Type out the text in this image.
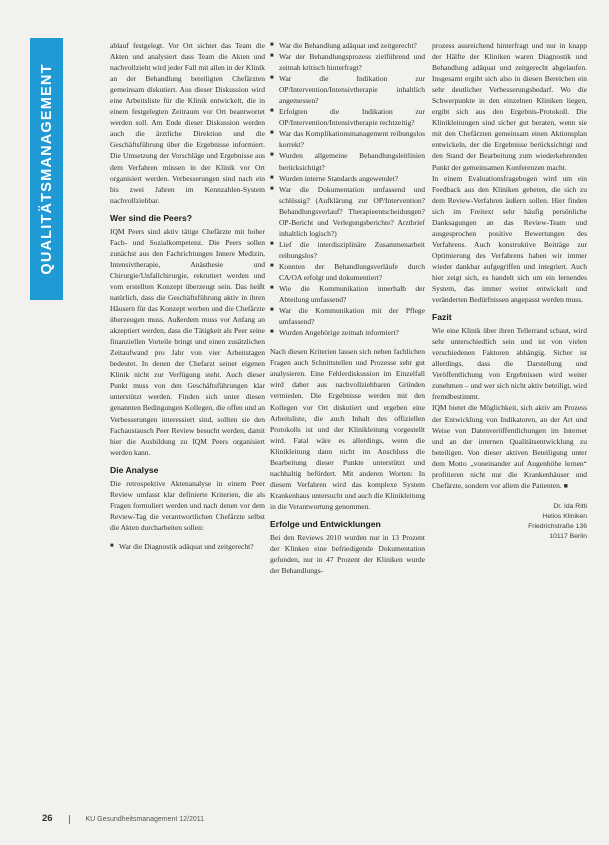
QUALITÄTSMANAGEMENT

ablauf festgelegt. Vor Ort sichtet das Team die Akten und analysiert dass Team die Akten und nachvollzieht wird jeder Fall mit allen in der Klinik an der Behandlung beteiligten Chefärzten gemeinsam diskutiert. Aus dieser Diskussion wird eine Arbeitsliste für die Klinik entwickelt, die in einem festgelegten Zeitraum vor Ort beantwortet werden soll. Am Ende dieser Diskussion werden auch die ärztliche Direktion und die Geschäftsführung über die Ergebnisse informiert. Die Umsetzung der Vorschläge und Ergebnisse aus dem Verfahren müssen in der Klinik vor Ort organisiert werden. Verbesserungen sind nach ein bis zwei Jahren im Kennzahlen-System nachvollziehbar.

Wer sind die Peers?

IQM Peers sind aktiv tätige Chefärzte mit hoher Fach- und Sozialkompetenz. Die Peers sollen zunächst aus den Fachrichtungen Innere Medizin, Intensivtherapie, Anästhesie und Chirurgie/Unfallchirurgie, rekrutiert werden und vom erstellten Konzept überzeugt sein. Das heißt natürlich, dass die Geschäftsführung aktiv in ihren Häusern für das Konzept werben und die Chefärzte überzeugen muss. Außerdem muss vor Anfang an akzeptiert werden, dass die Tätigkeit als Peer seine finanziellen Vorteile bringt und einen zusätzlichen Zeitaufwand pro Jahr von vier Arbeitstagen bedeutet. In denen der Chefarzt seiner eigenen Klinik nicht zur Verfügung steht. Auch dieser Punkt muss von den Geschäftsführungen klar unterstützt werden. Finden sich unter diesen genannten Bedingungen Kollegen, die offen und an Verbesserungen interessiert sind, sollten sie den Fachaustausch Peer Review besucht werden, damit hier die Ausbildung zu IQM Peers organisiert werden kann.

Die Analyse

Die retrospektive Aktenanalyse in einem Peer Review umfasst klar definierte Kriterien, die als Fragen formuliert werden und nach denen vor dem Review-Tag die verantwortlichen Chefärzte selbst die Akten durcharbeiten sollen:

■ War die Diagnostik adäquat und zeitgerecht?
■ War die Behandlung adäquat und zeitgerecht?
■ War der Behandlungsprozess zielführend und zeitnah kritisch hinterfragt?
■ War die Indikation zur OP/Intervention/Intensivtherapie inhaltlich angemessen?
■ Erfolgten die Indikation zur OP/Intervention/Intensivtherapie rechtzeitig?
■ War das Komplikationsmanagement reibungslos korrekt?
■ Wurden allgemeine Behandlungsleitlinien berücksichtigt?
■ Wurden interne Standards angewendet?
■ War die Dokumentation umfassend und schlüssig? (Aufklärung zur OP/Intervention? Behandlungsverlauf? Therapieentscheidungen? OP-Bericht und Verlegungsberichte? Arztbrief inhaltlich logisch?)
■ Lief die interdisziplinäre Zusammenarbeit reibungslos?
■ Konnten der Behandlungsverläufe durch CA/OA erfolgt und dokumentiert?
■ Wie die Kommunikation innerhalb der Abteilung umfassend?
■ War die Kommunikation mit der Pflege umfassend?
■ Wurden Angehörige zeitnah informiert?

Nach diesen Kriterien lassen sich neben fachlichen Fragen auch Schnittstellen und Prozesse sehr gut analysieren. Eine Fehlerdiskussion im Einzelfall wird daher aus nachvollziehbaren Gründen vermieden. Die Ergebnisse werden mit den Kollegen vor Ort diskutiert und ergeben eine Arbeitsliste, die auch Inhalt des offiziellen Protokolls ist und der Klinikleitung vorgestellt wird. Fatal wäre es allerdings, wenn die Klinikleitung dann nicht im Anschluss die Bearbeitung dieser Punkte unterstützt und nachhaltig befördert. Mit anderen Worten: In diesem Verfahren wird das komplexe System Krankenhaus untersucht und auch die Klinikleitung in die Verantwortung genommen.

Erfolge und Entwicklungen

Bei den Reviews 2010 wurden nur in 13 Prozent der Klinken eine befriedigende Dokumentation gefunden, nur in 47 Prozent der Kliniken wurde der Behandlungs-

prozess ausreichend hinterfragt und nur in knapp der Hälfte der Kliniken waren Diagnostik und Behandlung adäquat und zeitgerecht abgelaufen. Insgesamt ergibt sich also in diesen Bereichen ein sehr deutlicher Verbesserungsbedarf. Wo die Schwerpunkte in den einzelnen Kliniken liegen, ergibt sich aus den Ergebnis-Protokoll. Die Klinikleitungen sind sicher gut beraten, wenn sie mit den Chefärzten gemeinsam einen Aktionsplan entwickeln, der die Ergebnisse berücksichtigt und den Stand der Bearbeitung zum wiederkehrenden Punkt der gemeinsamen Konferenzen macht.

In einem Evaluationsfragebogen wird um ein Feedback aus den Kliniken gebeten, die sich zu dem Review-Verfahren äußern sollen. Hier finden sich im Freitext sehr häufig persönliche Danksagungen an das Review-Team und ausgesprochen positive Bewertungen des Verfahrens. Auch konstruktive Beiträge zur Optimierung des Verfahrens haben wir immer wieder dankbar aufgegriffen und integriert. Auch hier zeigt sich, es handelt sich um ein lernendes System, das immer weiter entwickelt und veränderten Bedürfnissen angepasst werden muss.

Fazit

Wie eine Klinik über ihren Tellerrand schaut, wird sehr unterschiedlich sein und ist von vielen verschiedenen Faktoren abhängig. Sicher ist allerdings, dass die Darstellung und Veröffentlichung von Ergebnissen wird weiter zunehmen – und wer sich nicht aktiv beteiligt, wird fremdbestimmt.

IQM bietet die Möglichkeit, sich aktiv am Prozess der Entwicklung von Indikatoren, an der Art und Weise von Datenveröffentlichungen im Internet und an der internen Qualitätsentwicklung zu beteiligen. Von dieser aktiven Beteiligung unter dem Motto „voneinander auf Augenhöhe lernen“ profitieren nicht nur die Krankenhäuser und Chefärzte, sondern vor allem die Patienten. ■

Dr. Ida Ritti
Helios Kliniken
Friedrichstraße 136
10117 Berlin
26	KU Gesundheitsmanagement 12/2011
